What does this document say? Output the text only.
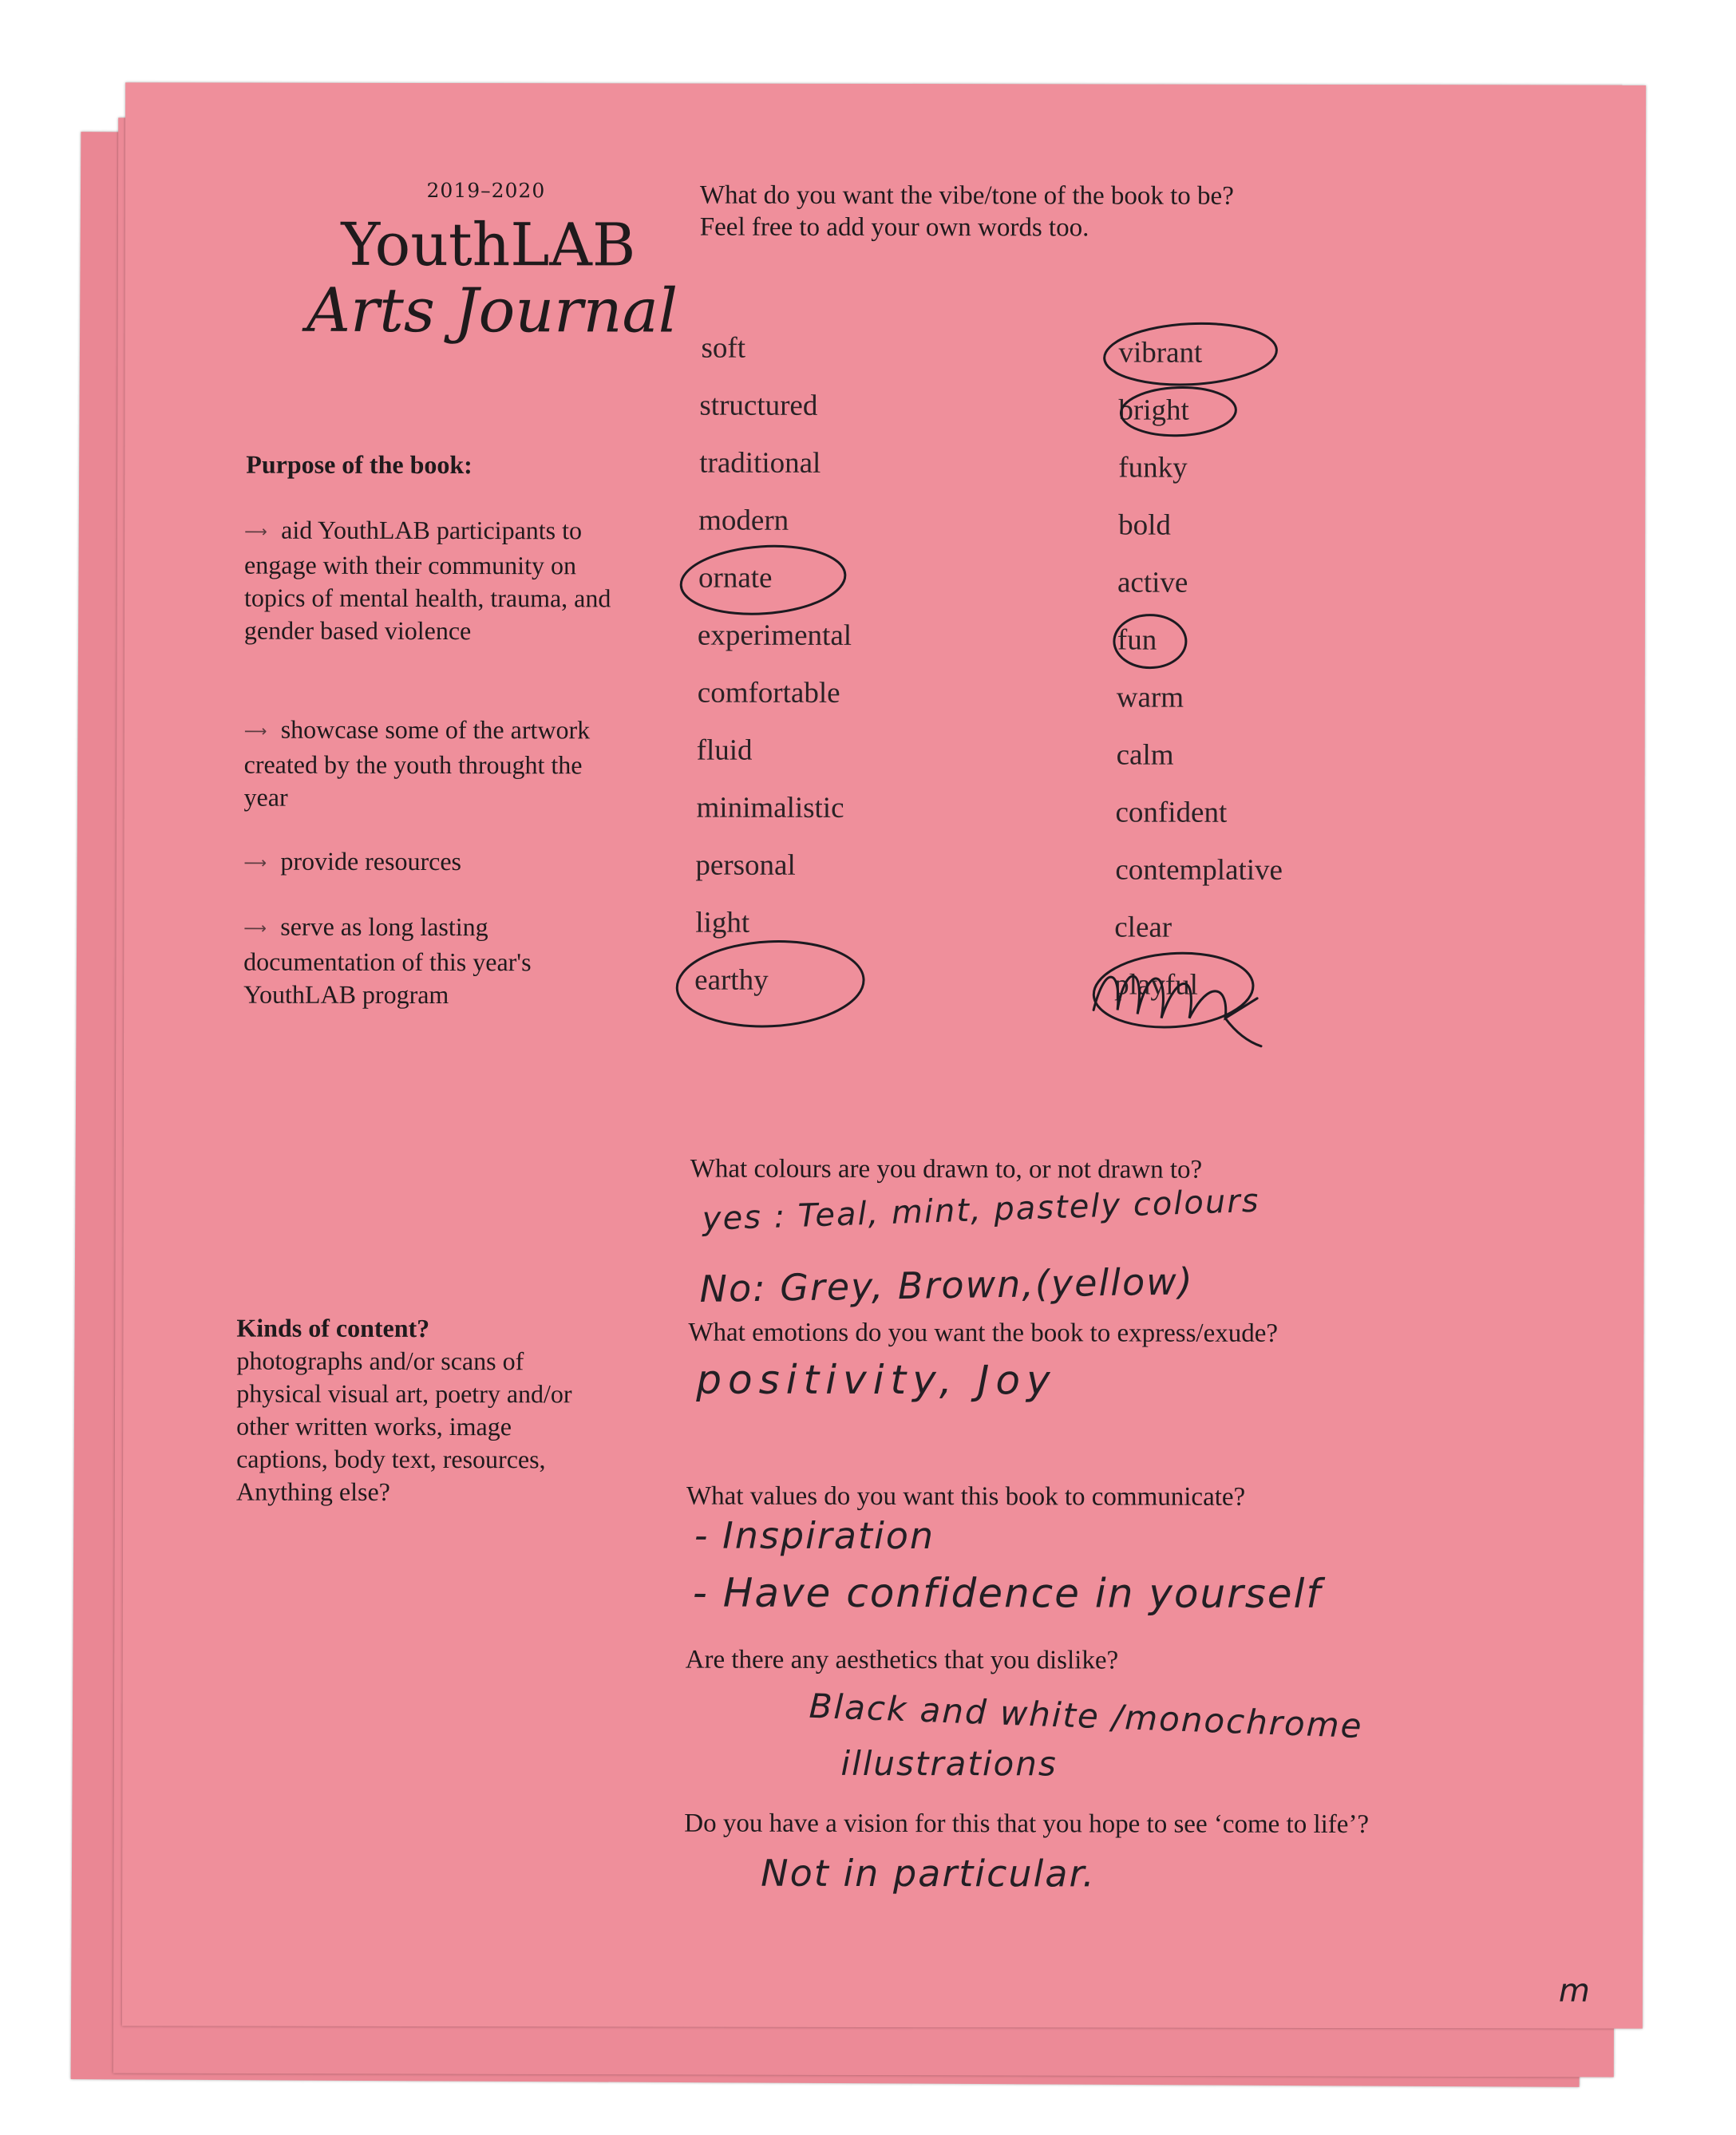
2019–2020
YouthLAB
Arts Journal
Purpose of the book:
⟶ aid YouthLAB participants to engage with their community on topics of mental health, trauma, and gender based violence
⟶ showcase some of the artwork created by the youth throught the year
⟶ provide resources
⟶ serve as long lasting documentation of this year's YouthLAB program
Kinds of content?
photographs and/or scans of physical visual art, poetry and/or other written works, image captions, body text, resources, Anything else?
What do you want the vibe/tone of the book to be?
Feel free to add your own words too.
soft
structured
traditional
modern
ornate
experimental
comfortable
fluid
minimalistic
personal
light
earthy
vibrant
bright
funky
bold
active
fun
warm
calm
confident
contemplative
clear
playful
What colours are you drawn to, or not drawn to?
yes : Teal, mint, pastely colours
No: Grey, Brown,(yellow)
What emotions do you want the book to express/exude?
positivity, Joy
What values do you want this book to communicate?
- Inspiration
- Have confidence in yourself
Are there any aesthetics that you dislike?
Black and white /monochrome
illustrations
Do you have a vision for this that you hope to see ‘come to life’?
Not in particular.
m
